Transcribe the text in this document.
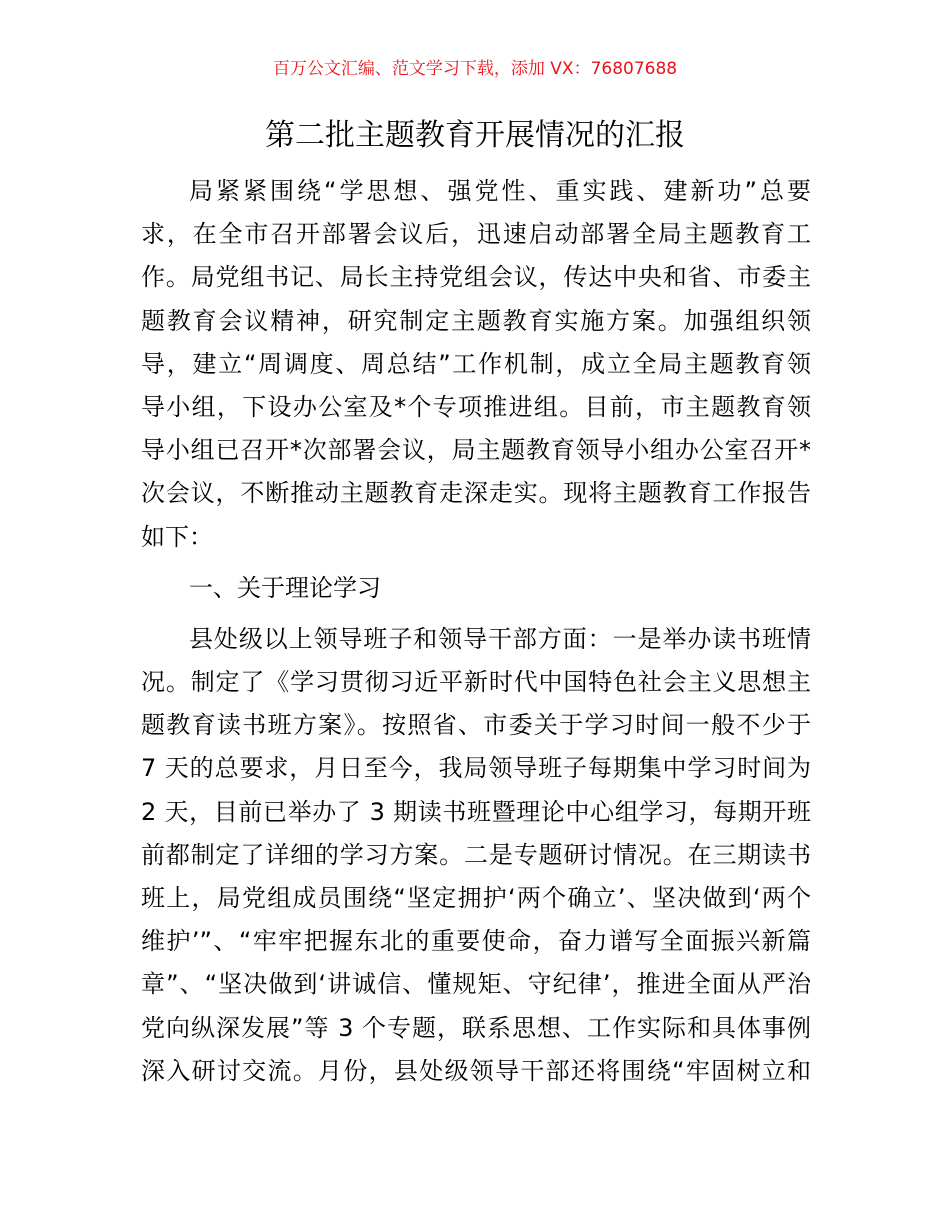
百万公文汇编、范文学习下载，添加 VX：76807688
第二批主题教育开展情况的汇报
局紧紧围绕“学思想、强党性、重实践、建新功”总要
求，在全市召开部署会议后，迅速启动部署全局主题教育工
作。局党组书记、局长主持党组会议，传达中央和省、市委主
题教育会议精神，研究制定主题教育实施方案。加强组织领
导，建立“周调度、周总结”工作机制，成立全局主题教育领
导小组，下设办公室及*个专项推进组。目前，市主题教育领
导小组已召开*次部署会议，局主题教育领导小组办公室召开*
次会议，不断推动主题教育走深走实。现将主题教育工作报告
如下：
一、关于理论学习
县处级以上领导班子和领导干部方面：一是举办读书班情
况。制定了《学习贯彻习近平新时代中国特色社会主义思想主
题教育读书班方案》。按照省、市委关于学习时间一般不少于
7 天的总要求，月日至今，我局领导班子每期集中学习时间为
2 天，目前已举办了 3 期读书班暨理论中心组学习，每期开班
前都制定了详细的学习方案。二是专题研讨情况。在三期读书
班上，局党组成员围绕“坚定拥护‘两个确立’、坚决做到‘两个
维护’”、“牢牢把握东北的重要使命，奋力谱写全面振兴新篇
章”、“坚决做到‘讲诚信、懂规矩、守纪律’，推进全面从严治
党向纵深发展”等 3 个专题，联系思想、工作实际和具体事例
深入研讨交流。月份，县处级领导干部还将围绕“牢固树立和
